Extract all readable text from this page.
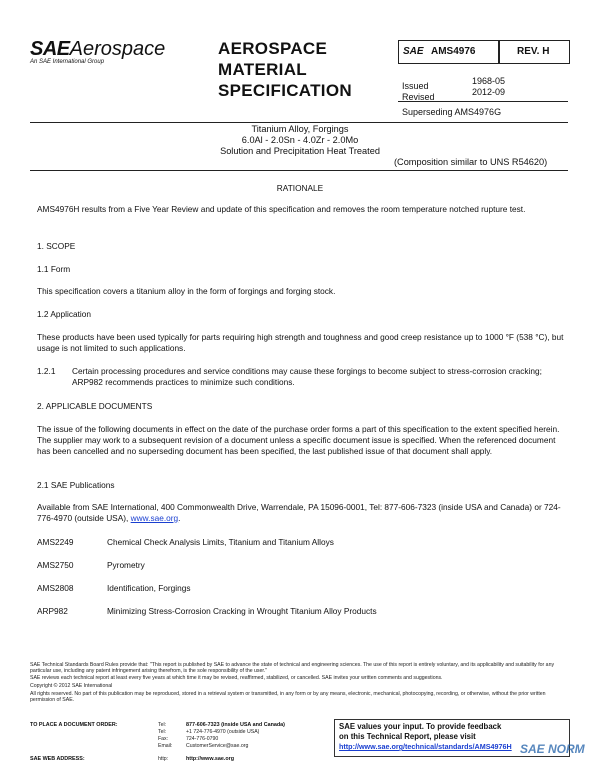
SAEAerospace
An SAE International Group
AEROSPACE
MATERIAL
SPECIFICATION
SAE AMS4976	REV. H
Issued	1968-05
Revised	2012-09
Superseding AMS4976G
Titanium Alloy, Forgings
6.0Al - 2.0Sn - 4.0Zr - 2.0Mo
Solution and Precipitation Heat Treated
(Composition similar to UNS R54620)
RATIONALE
AMS4976H results from a Five Year Review and update of this specification and removes the room temperature notched rupture test.
1. SCOPE
1.1 Form
This specification covers a titanium alloy in the form of forgings and forging stock.
1.2 Application
These products have been used typically for parts requiring high strength and toughness and good creep resistance up to 1000 °F (538 °C), but usage is not limited to such applications.
1.2.1 Certain processing procedures and service conditions may cause these forgings to become subject to stress-corrosion cracking; ARP982 recommends practices to minimize such conditions.
2. APPLICABLE DOCUMENTS
The issue of the following documents in effect on the date of the purchase order forms a part of this specification to the extent specified herein. The supplier may work to a subsequent revision of a document unless a specific document issue is specified. When the referenced document has been cancelled and no superseding document has been specified, the last published issue of that document shall apply.
2.1 SAE Publications
Available from SAE International, 400 Commonwealth Drive, Warrendale, PA 15096-0001, Tel: 877-606-7323 (inside USA and Canada) or 724-776-4970 (outside USA), www.sae.org.
AMS2249	Chemical Check Analysis Limits, Titanium and Titanium Alloys
AMS2750	Pyrometry
AMS2808	Identification, Forgings
ARP982	Minimizing Stress-Corrosion Cracking in Wrought Titanium Alloy Products
SAE Technical Standards Board Rules provide that: "This report is published by SAE to advance the state of technical and engineering sciences. The use of this report is entirely voluntary, and its applicability and suitability for any particular use, including any patent infringement arising therefrom, is the sole responsibility of the user."
SAE reviews each technical report at least every five years at which time it may be revised, reaffirmed, stabilized, or cancelled. SAE invites your written comments and suggestions.
Copyright © 2012 SAE International
All rights reserved. No part of this publication may be reproduced, stored in a retrieval system or transmitted, in any form or by any means, electronic, mechanical, photocopying, recording, or otherwise, without the prior written permission of SAE.
TO PLACE A DOCUMENT ORDER:	Tel:	877-606-7323 (inside USA and Canada)
Tel:	+1 724-776-4970 (outside USA)
Fax:	724-776-0790
Email:	CustomerService@sae.org
SAE WEB ADDRESS:	http:	http://www.sae.org
SAE values your input. To provide feedback
on this Technical Report, please visit
http://www.sae.org/technical/standards/AMS4976H SAE NORM
